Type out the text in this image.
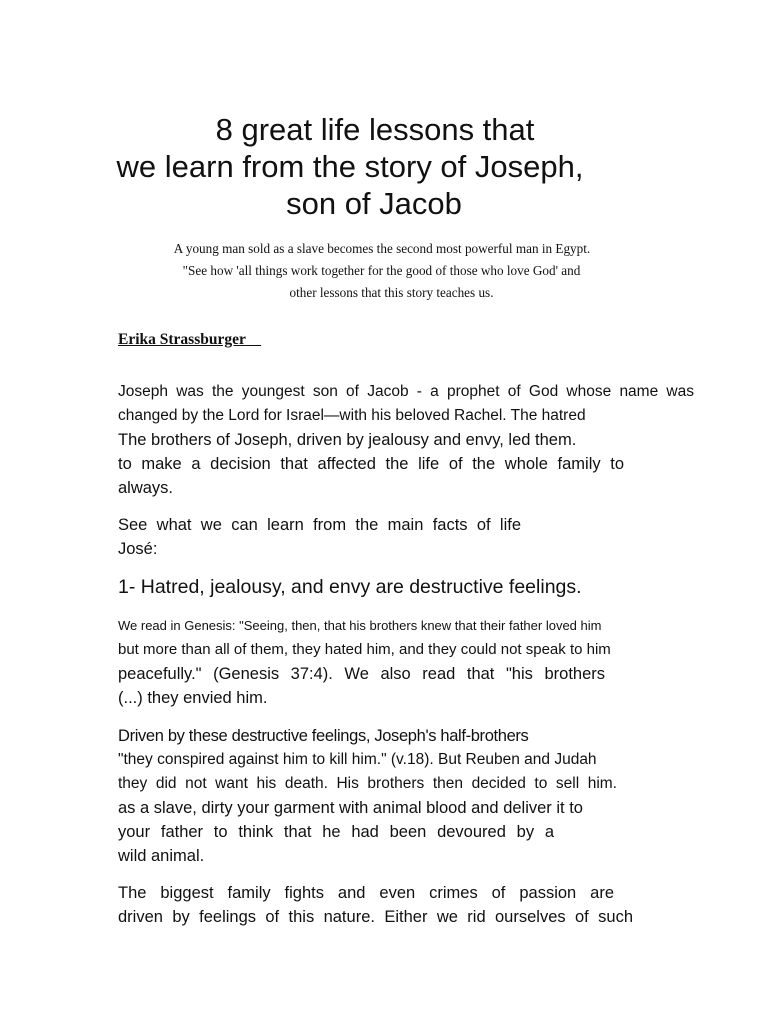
8 great life lessons that
we learn from the story of Joseph,
son of Jacob
A young man sold as a slave becomes the second most powerful man in Egypt.
"See how 'all things work together for the good of those who love God' and
other lessons that this story teaches us.
Erika Strassburger
Joseph was the youngest son of Jacob - a prophet of God whose name was
changed by the Lord for Israel—with his beloved Rachel. The hatred
The brothers of Joseph, driven by jealousy and envy, led them.
to make a decision that affected the life of the whole family to
always.
See what we can learn from the main facts of life
José:
1- Hatred, jealousy, and envy are destructive feelings.
We read in Genesis: "Seeing, then, that his brothers knew that their father loved him
but more than all of them, they hated him, and they could not speak to him
peacefully." (Genesis 37:4). We also read that "his brothers
(...) they envied him.
Driven by these destructive feelings, Joseph's half-brothers
"they conspired against him to kill him." (v.18). But Reuben and Judah
they did not want his death. His brothers then decided to sell him.
as a slave, dirty your garment with animal blood and deliver it to
your father to think that he had been devoured by a
wild animal.
The biggest family fights and even crimes of passion are
driven by feelings of this nature. Either we rid ourselves of such
